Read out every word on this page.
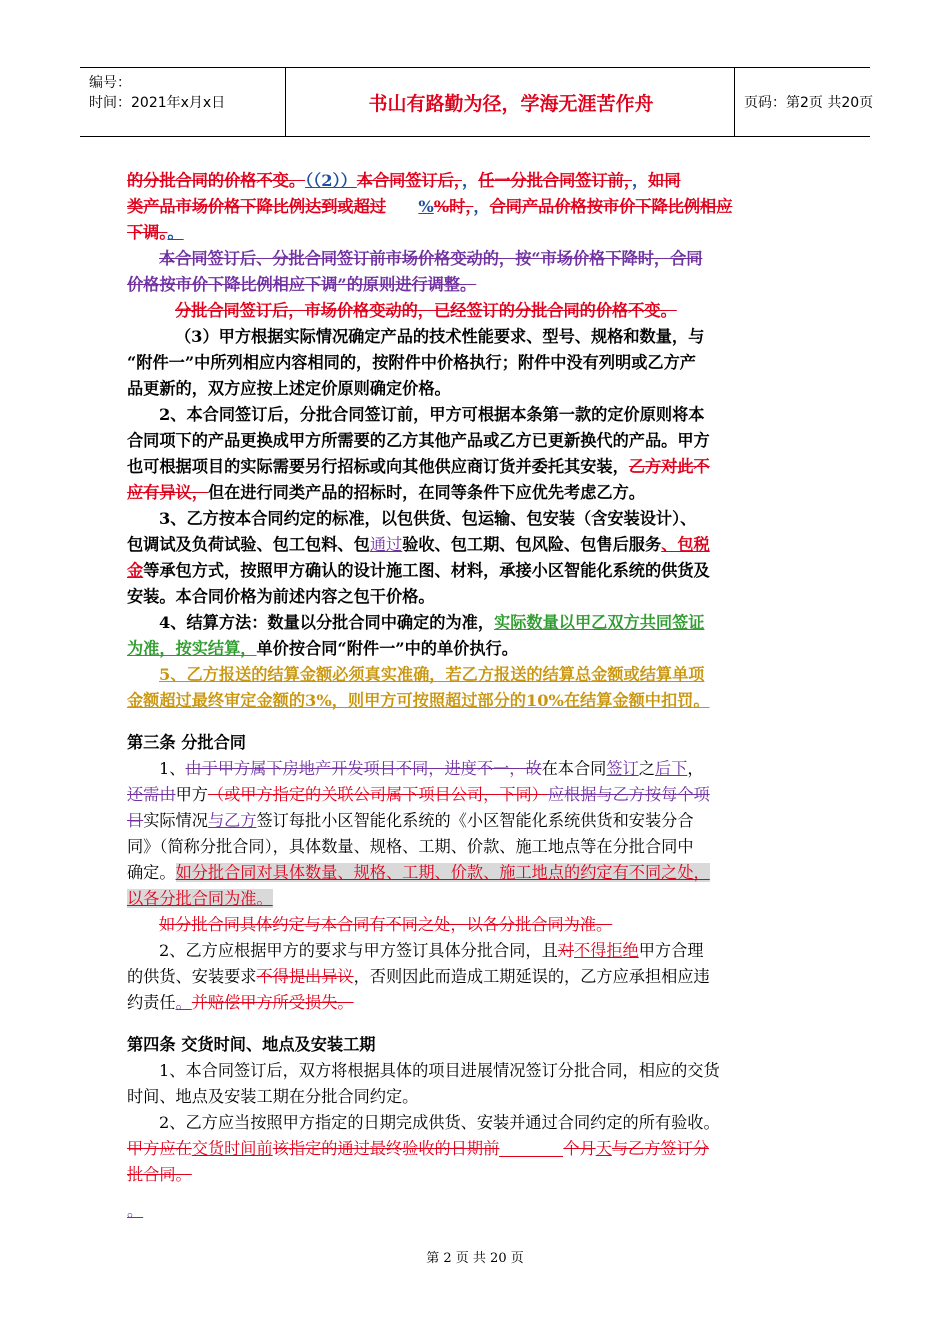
编号：
时间：2021年x月x日	书山有路勤为径，学海无涯苦作舟	页码：第2页 共20页
的分批合同的价格不变。（（2））本合同签订后，，任一分批合同签订前，，如同
类产品市场价格下降比例达到或超过　　 %%时，，合同产品价格按市价下降比例相应
下调。。
本合同签订后、分批合同签订前市场价格变动的，按“市场价格下降时，合同
价格按市价下降比例相应下调”的原则进行调整。
分批合同签订后，市场价格变动的，已经签订的分批合同的价格不变。
（3）甲方根据实际情况确定产品的技术性能要求、型号、规格和数量，与
“附件一”中所列相应内容相同的，按附件中价格执行；附件中没有列明或乙方产
品更新的，双方应按上述定价原则确定价格。
2、本合同签订后，分批合同签订前，甲方可根据本条第一款的定价原则将本
合同项下的产品更换成甲方所需要的乙方其他产品或乙方已更新换代的产品。甲方
也可根据项目的实际需要另行招标或向其他供应商订货并委托其安装，乙方对此不
应有异议，但在进行同类产品的招标时，在同等条件下应优先考虑乙方。
3、乙方按本合同约定的标准，以包供货、包运输、包安装（含安装设计）、
包调试及负荷试验、包工包料、包通过验收、包工期、包风险、包售后服务、包税
金等承包方式，按照甲方确认的设计施工图、材料，承接小区智能化系统的供货及
安装。本合同价格为前述内容之包干价格。
4、结算方法：数量以分批合同中确定的为准，实际数量以甲乙双方共同签证
为准，按实结算，单价按合同“附件一”中的单价执行。
5、乙方报送的结算金额必须真实准确，若乙方报送的结算总金额或结算单项
金额超过最终审定金额的3%，则甲方可按照超过部分的10%在结算金额中扣罚。
第三条 分批合同
1、由于甲方属下房地产开发项目不同，进度不一，故在本合同签订之后下，
还需由甲方（或甲方指定的关联公司属下项目公司，下同）应根据与乙方按每个项
目实际情况与乙方签订每批小区智能化系统的《小区智能化系统供货和安装分合
同》（简称分批合同），具体数量、规格、工期、价款、施工地点等在分批合同中
确定。如分批合同对具体数量、规格、工期、价款、施工地点的约定有不同之处，
以各分批合同为准。
如分批合同具体约定与本合同有不同之处，以各分批合同为准。
2、乙方应根据甲方的要求与甲方签订具体分批合同，且对不得拒绝甲方合理
的供货、安装要求不得提出异议，否则因此而造成工期延误的，乙方应承担相应违
约责任。并赔偿甲方所受损失。
第四条 交货时间、地点及安装工期
1、本合同签订后，双方将根据具体的项目进展情况签订分批合同，相应的交货
时间、地点及安装工期在分批合同约定。
2、乙方应当按照甲方指定的日期完成供货、安装并通过合同约定的所有验收。
甲方应在交货时间前该指定的通过最终验收的日期前	个月天与乙方签订分
批合同。
。
第 2 页 共 20 页
